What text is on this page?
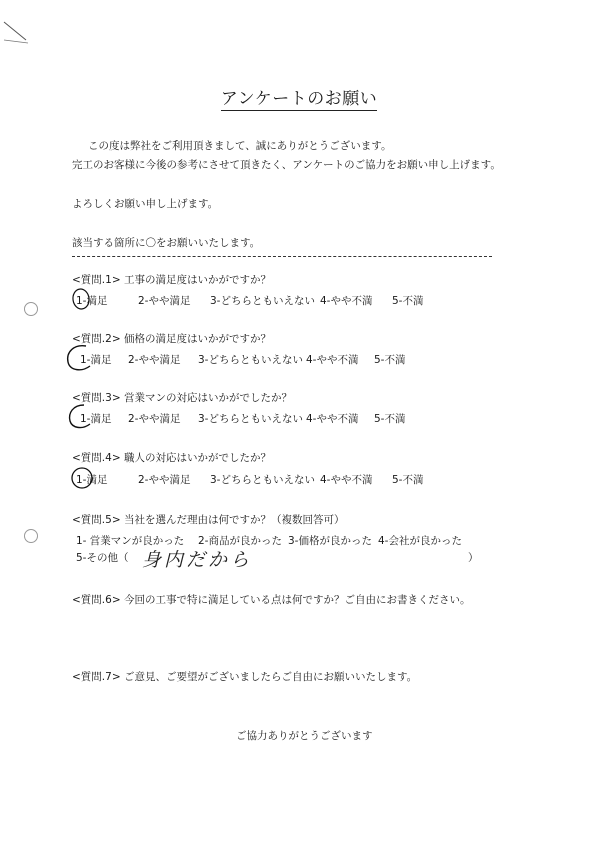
アンケートのお願い
この度は弊社をご利用頂きまして、誠にありがとうございます。
完工のお客様に今後の参考にさせて頂きたく、アンケートのご協力をお願い申し上げます。
よろしくお願い申し上げます。
該当する箇所に〇をお願いいたします。
<質問.1> 工事の満足度はいかがですか？
1-満足	2-やや満足 3-どちらともいえない 4-やや不満 5-不満
<質問.2> 価格の満足度はいかがですか？
1-満足 2-やや満足 3-どちらともいえない 4-やや不満 5-不満
<質問.3> 営業マンの対応はいかがでしたか？
1-満足 2-やや満足 3-どちらともいえない 4-やや不満 5-不満
<質問.4> 職人の対応はいかがでしたか？
1-満足	2-やや満足 3-どちらともいえない 4-やや不満 5-不満
<質問.5> 当社を選んだ理由は何ですか？（複数回答可）
1- 営業マンが良かった 2-商品が良かった 3-価格が良かった 4-会社が良かった
5-その他（	）
身内だから
<質問.6> 今回の工事で特に満足している点は何ですか？ご自由にお書きください。
<質問.7> ご意見、ご要望がございましたらご自由にお願いいたします。
ご協力ありがとうございます
